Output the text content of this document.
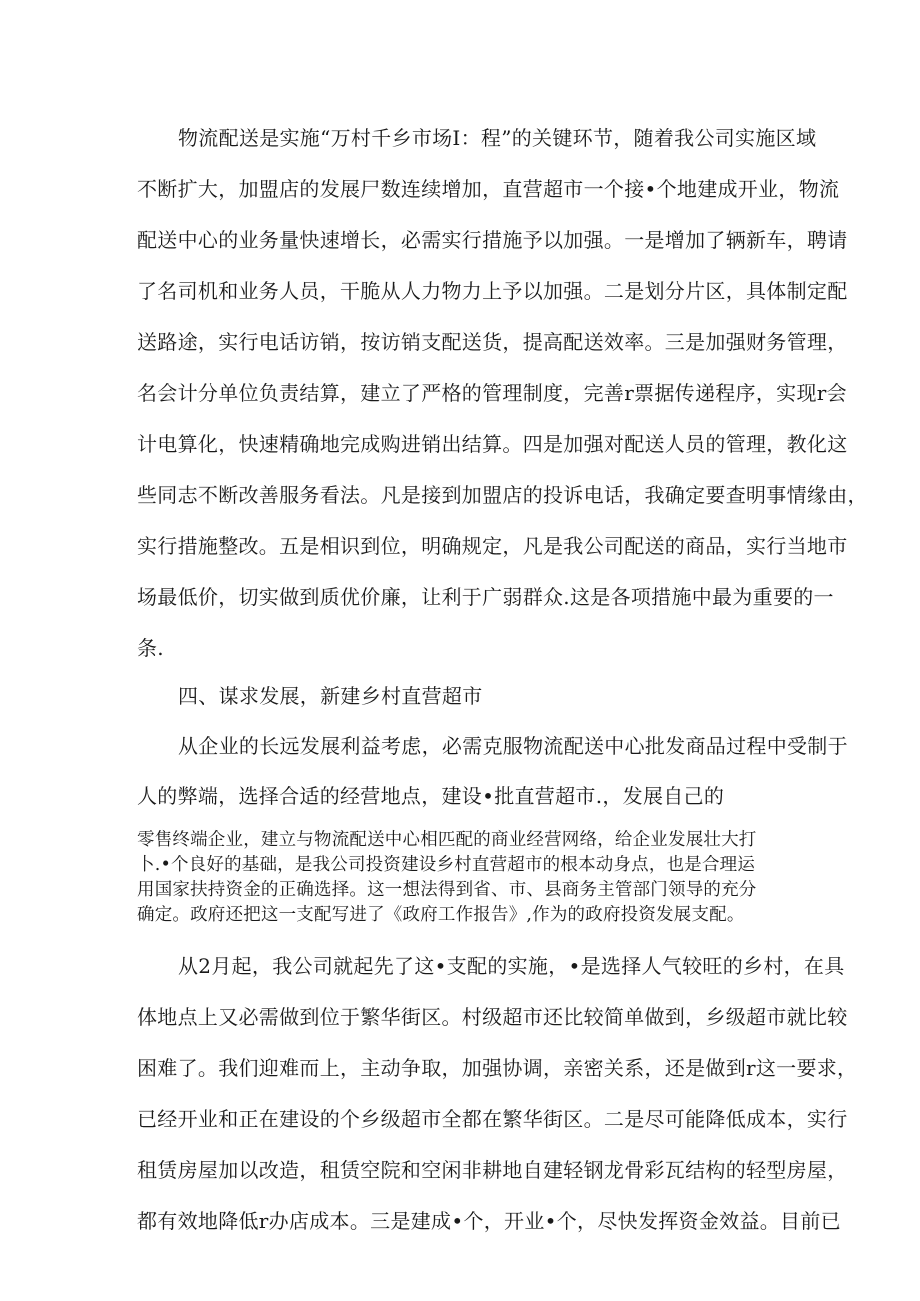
物流配送是实施“万村千乡市场I：程”的关键环节，随着我公司实施区域
不断扩大，加盟店的发展尸数连续增加，直营超市一个接•个地建成开业，物流
配送中心的业务量快速增长，必需实行措施予以加强。一是增加了辆新车，聘请
了名司机和业务人员，干脆从人力物力上予以加强。二是划分片区，具体制定配
送路途，实行电话访销，按访销支配送货，提高配送效率。三是加强财务管理，
名会计分单位负责结算，建立了严格的管理制度，完善r票据传递程序，实现r会
计电算化，快速精确地完成购进销出结算。四是加强对配送人员的管理，教化这
些同志不断改善服务看法。凡是接到加盟店的投诉电话，我确定要查明事情缘由，
实行措施整改。五是相识到位，明确规定，凡是我公司配送的商品，实行当地市
场最低价，切实做到质优价廉，让利于广弱群众.这是各项措施中最为重要的一
条.
四、谋求发展，新建乡村直营超市
从企业的长远发展利益考虑，必需克服物流配送中心批发商品过程中受制于
人的弊端，选择合适的经营地点，建设•批直营超市.，发展自己的
零售终端企业，建立与物流配送中心相匹配的商业经营网络，给企业发展壮大打
卜.•个良好的基础，是我公司投资建设乡村直营超市的根本动身点，也是合理运
用国家扶持资金的正确选择。这一想法得到省、市、县商务主管部门领导的充分
确定。政府还把这一支配写进了《政府工作报告》,作为的政府投资发展支配。
从2月起，我公司就起先了这•支配的实施，•是选择人气较旺的乡村，在具
体地点上又必需做到位于繁华街区。村级超市还比较简单做到，乡级超市就比较
困难了。我们迎难而上，主动争取，加强协调，亲密关系，还是做到r这一要求，
已经开业和正在建设的个乡级超市全都在繁华街区。二是尽可能降低成本，实行
租赁房屋加以改造，租赁空院和空闲非耕地自建轻钢龙骨彩瓦结构的轻型房屋，
都有效地降低r办店成本。三是建成•个，开业•个，尽快发挥资金效益。目前已
